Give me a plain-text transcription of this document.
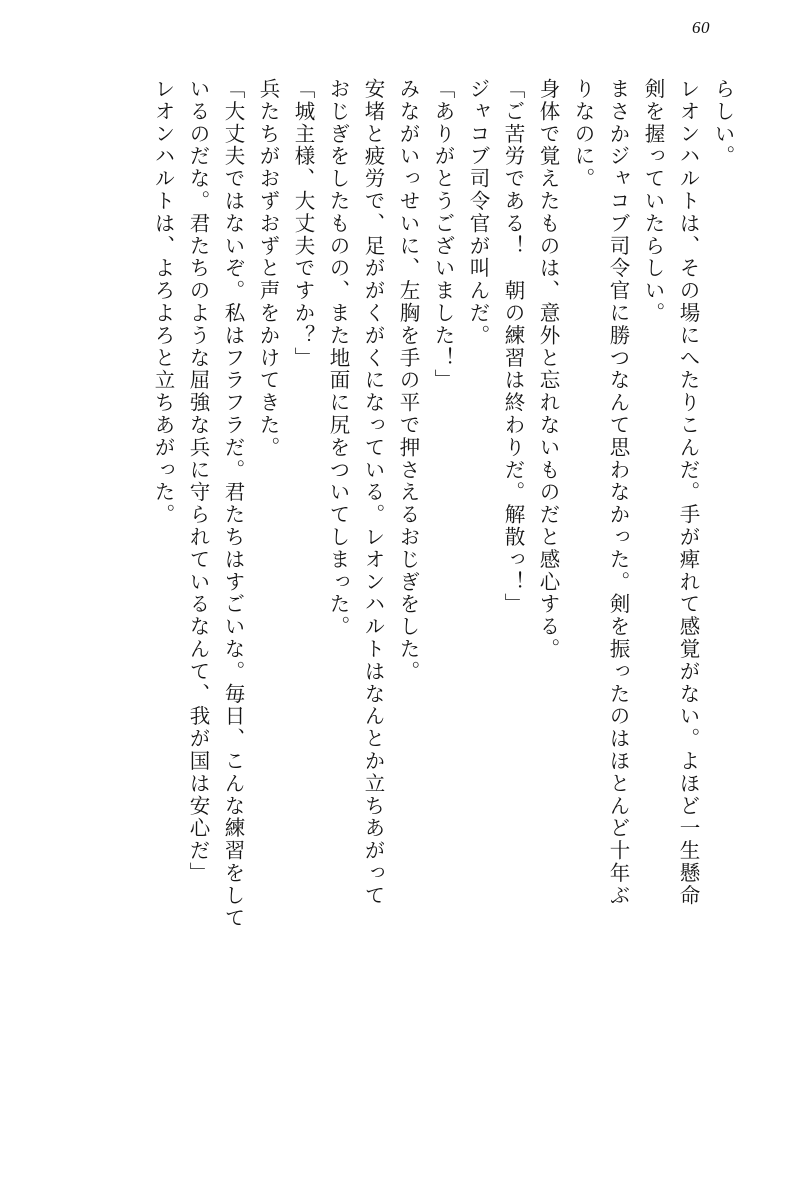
60
らしい。
レオンハルトは、その場にへたりこんだ。手が痺れて感覚がない。よほど一生懸命
剣を握っていたらしい。
まさかジャコブ司令官に勝つなんて思わなかった。剣を振ったのはほとんど十年ぶ
りなのに。
身体で覚えたものは、意外と忘れないものだと感心する。
「ご苦労である！　朝の練習は終わりだ。解散っ！」
ジャコブ司令官が叫んだ。
「ありがとうございました！」
みながいっせいに、左胸を手の平で押さえるおじぎをした。
安堵と疲労で、足ががくがくになっている。レオンハルトはなんとか立ちあがって
おじぎをしたものの、また地面に尻をついてしまった。
「城主様、大丈夫ですか？」
兵たちがおずおずと声をかけてきた。
「大丈夫ではないぞ。私はフラフラだ。君たちはすごいな。毎日、こんな練習をして
いるのだな。君たちのような屈強な兵に守られているなんて、我が国は安心だ」
レオンハルトは、よろよろと立ちあがった。
